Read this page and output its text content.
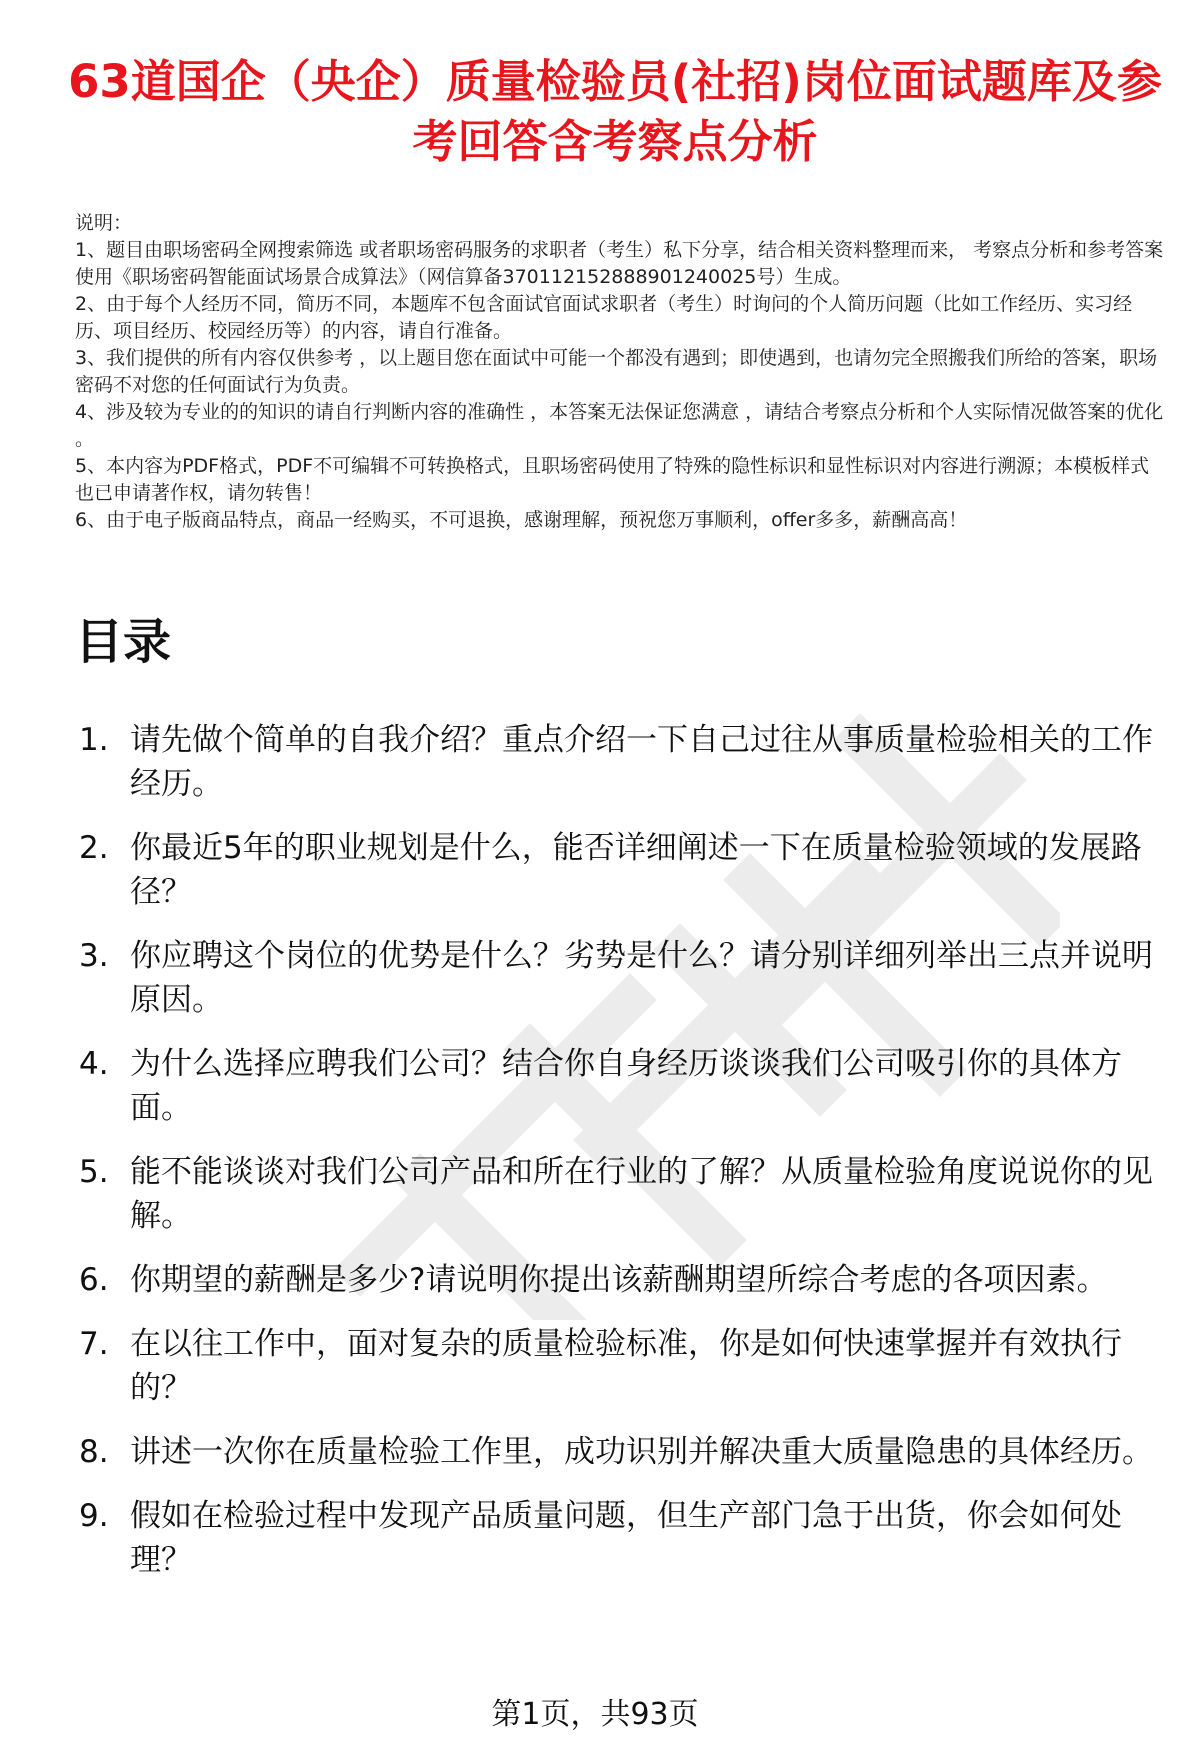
63道国企（央企）质量检验员(社招)岗位面试题库及参考回答含考察点分析

说明：

1、题目由职场密码全网搜索筛选 或者职场密码服务的求职者（考生）私下分享，结合相关资料整理而来， 考察点分析和参考答案使用《职场密码智能面试场景合成算法》（网信算备370112152888901240025号）生成。

2、由于每个人经历不同，简历不同，本题库不包含面试官面试求职者（考生）时询问的个人简历问题（比如工作经历、实习经历、项目经历、校园经历等）的内容，请自行准备。

3、我们提供的所有内容仅供参考 ，以上题目您在面试中可能一个都没有遇到；即使遇到，也请勿完全照搬我们所给的答案，职场密码不对您的任何面试行为负责。

4、涉及较为专业的的知识的请自行判断内容的准确性 ，本答案无法保证您满意 ，请结合考察点分析和个人实际情况做答案的优化 。

5、本内容为PDF格式，PDF不可编辑不可转换格式，且职场密码使用了特殊的隐性标识和显性标识对内容进行溯源；本模板样式也已申请著作权，请勿转售！

6、由于电子版商品特点，商品一经购买，不可退换，感谢理解，预祝您万事顺利，offer多多，薪酬高高！

目录
1. 请先做个简单的自我介绍？重点介绍一下自己过往从事质量检验相关的工作经历。
2. 你最近5年的职业规划是什么，能否详细阐述一下在质量检验领域的发展路径？
3. 你应聘这个岗位的优势是什么？劣势是什么？请分别详细列举出三点并说明原因。
4. 为什么选择应聘我们公司？结合你自身经历谈谈我们公司吸引你的具体方面。
5. 能不能谈谈对我们公司产品和所在行业的了解？从质量检验角度说说你的见解。
6. 你期望的薪酬是多少?请说明你提出该薪酬期望所综合考虑的各项因素。
7. 在以往工作中，面对复杂的质量检验标准，你是如何快速掌握并有效执行的？
8. 讲述一次你在质量检验工作里，成功识别并解决重大质量隐患的具体经历。
9. 假如在检验过程中发现产品质量问题，但生产部门急于出货，你会如何处理？
第1页，共93页
